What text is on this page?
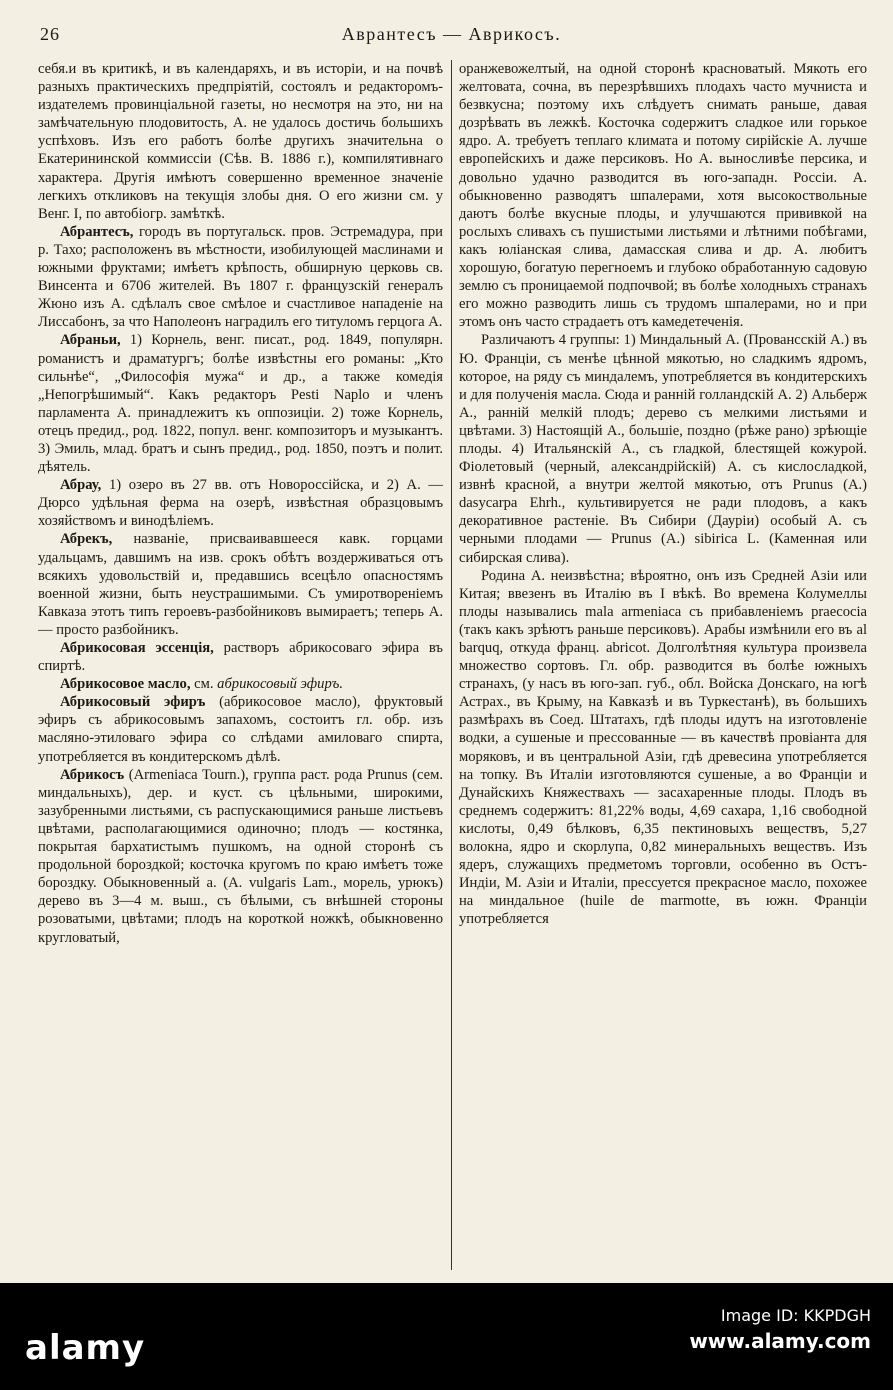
26	Аврантесъ — Аврикосъ.

себя.и въ критикѣ, и въ календаряхъ, и въ исторіи, и на почвѣ разныхъ практическихъ предпріятій, состоялъ и редакторомъ-издателемъ провинціальной газеты, но несмотря на это, ни на замѣчательную плодовитость, А. не удалось достичь большихъ успѣховъ. Изъ его работъ болѣе другихъ значительна о Екатерининской коммиссіи (Сѣв. В. 1886 г.), компилятивнаго характера. Другія имѣютъ совершенно временное значеніе легкихъ откликовъ на текущія злобы дня. О его жизни см. у Венг. I, по автобіогр. замѣткѣ.

Абрантесъ, городъ въ португальск. пров. Эстремадура, при р. Тахо; расположенъ въ мѣстности, изобилующей маслинами и южными фруктами; имѣетъ крѣпость, обширную церковь св. Винсента и 6706 жителей. Въ 1807 г. французскій генералъ Жюно изъ А. сдѣлалъ свое смѣлое и счастливое нападеніе на Лиссабонъ, за что Наполеонъ наградилъ его титуломъ герцога А.

Абраньи, 1) Корнель, венг. писат., род. 1849, популярн. романистъ и драматургъ; болѣе извѣстны его романы: „Кто сильнѣе“, „Философія мужа“ и др., а также комедія „Непогрѣшимый“. Какъ редакторъ Pesti Naplo и членъ парламента А. принадлежитъ къ оппозиціи. 2) тоже Корнель, отецъ предид., род. 1822, попул. венг. композиторъ и музыкантъ. 3) Эмиль, млад. братъ и сынъ предид., род. 1850, поэтъ и полит. дѣятель.

Абрау, 1) озеро въ 27 вв. отъ Новороссійска, и 2) А. — Дюрсо удѣльная ферма на озерѣ, извѣстная образцовымъ хозяйствомъ и винодѣліемъ.

Абрекъ, названіе, присваивавшееся кавк. горцами удальцамъ, давшимъ на изв. срокъ обѣтъ воздерживаться отъ всякихъ удовольствій и, предавшись всецѣло опасностямъ военной жизни, быть неустрашимыми. Съ умиротвореніемъ Кавказа этотъ типъ героевъ-разбойниковъ вымираетъ; теперь А. — просто разбойникъ.

Абрикосовая эссенція, растворъ абрикосоваго эфира въ спиртѣ.

Абрикосовое масло, см. абрикосовый эфиръ.

Абрикосовый эфиръ (абрикосовое масло), фруктовый эфиръ съ абрикосовымъ запахомъ, состоитъ гл. обр. изъ масляно-этиловаго эфира со слѣдами амиловаго спирта, употребляется въ кондитерскомъ дѣлѣ.

Абрикосъ (Armeniaca Tourn.), группа раст. рода Prunus (сем. миндальныхъ), дер. и куст. съ цѣльными, широкими, зазубренными листьями, съ распускающимися раньше листьевъ цвѣтами, располагающимися одиночно; плодъ — костянка, покрытая бархатистымъ пушкомъ, на одной сторонѣ съ продольной бороздкой; косточка кругомъ по краю имѣетъ тоже бороздку. Обыкновенный а. (A. vulgaris Lam., морель, урюкъ) дерево въ 3—4 м. выш., съ бѣлыми, съ внѣшней стороны розоватыми, цвѣтами; плодъ на короткой ножкѣ, обыкновенно кругловатый,

оранжевожелтый, на одной сторонѣ красноватый. Мякоть его желтовата, сочна, въ перезрѣвшихъ плодахъ часто мучниста и безвкусна; поэтому ихъ слѣдуетъ снимать раньше, давая дозрѣвать въ лежкѣ. Косточка содержитъ сладкое или горькое ядро. А. требуетъ теплаго климата и потому сирійскіе А. лучше европейскихъ и даже персиковъ. Но А. выносливѣе персика, и довольно удачно разводится въ юго-западн. Россіи. А. обыкновенно разводятъ шпалерами, хотя высокоствольные даютъ болѣе вкусные плоды, и улучшаются прививкой на рослыхъ сливахъ съ пушистыми листьями и лѣтними побѣгами, какъ юліанская слива, дамасская слива и др. А. любитъ хорошую, богатую перегноемъ и глубоко обработанную садовую землю съ проницаемой подпочвой; въ болѣе холодныхъ странахъ его можно разводить лишь съ трудомъ шпалерами, но и при этомъ онъ часто страдаетъ отъ камедетеченія.

Различаютъ 4 группы: 1) Миндальный А. (Провансскій А.) въ Ю. Франціи, съ менѣе цѣнной мякотью, но сладкимъ ядромъ, которое, на ряду съ миндалемъ, употребляется въ кондитерскихъ и для полученія масла. Сюда и ранній голландскій А. 2) Альберж А., ранній мелкій плодъ; дерево съ мелкими листьями и цвѣтами. 3) Настоящій А., большіе, поздно (рѣже рано) зрѣющіе плоды. 4) Итальянскій А., съ гладкой, блестящей кожурой. Фіолетовый (черный, александрійскій) А. съ кислосладкой, извнѣ красной, а внутри желтой мякотью, отъ Prunus (A.) dasycarpa Ehrh., культивируется не ради плодовъ, а какъ декоративное растеніе. Въ Сибири (Дауріи) особый А. съ черными плодами — Prunus (A.) sibirica L. (Каменная или сибирская слива).

Родина А. неизвѣстна; вѣроятно, онъ изъ Средней Азіи или Китая; ввезенъ въ Италію въ I вѣкѣ. Во времена Колумеллы плоды назывались mala armeniaca съ прибавленіемъ praecocia (такъ какъ зрѣютъ раньше персиковъ). Арабы измѣнили его въ al barquq, откуда франц. abricot. Долголѣтняя культура произвела множество сортовъ. Гл. обр. разводится въ болѣе южныхъ странахъ, (у насъ въ юго-зап. губ., обл. Войска Донскаго, на югѣ Астрах., въ Крыму, на Кавказѣ и въ Туркестанѣ), въ большихъ размѣрахъ въ Соед. Штатахъ, гдѣ плоды идутъ на изготовленіе водки, а сушеные и прессованные — въ качествѣ провіанта для моряковъ, и въ центральной Азіи, гдѣ древесина употребляется на топку. Въ Италіи изготовляются сушеные, а во Франціи и Дунайскихъ Княжествахъ — засахаренные плоды. Плодъ въ среднемъ содержитъ: 81,22% воды, 4,69 сахара, 1,16 свободной кислоты, 0,49 бѣлковъ, 6,35 пектиновыхъ веществъ, 5,27 волокна, ядро и скорлупа, 0,82 минеральныхъ веществъ. Изъ ядеръ, служащихъ предметомъ торговли, особенно въ Остъ-Индіи, М. Азіи и Италіи, прессуется прекрасное масло, похожее на миндальное (huile de marmotte, въ южн. Франціи употребляется

alamy
Image ID: KKPDGH
www.alamy.com
